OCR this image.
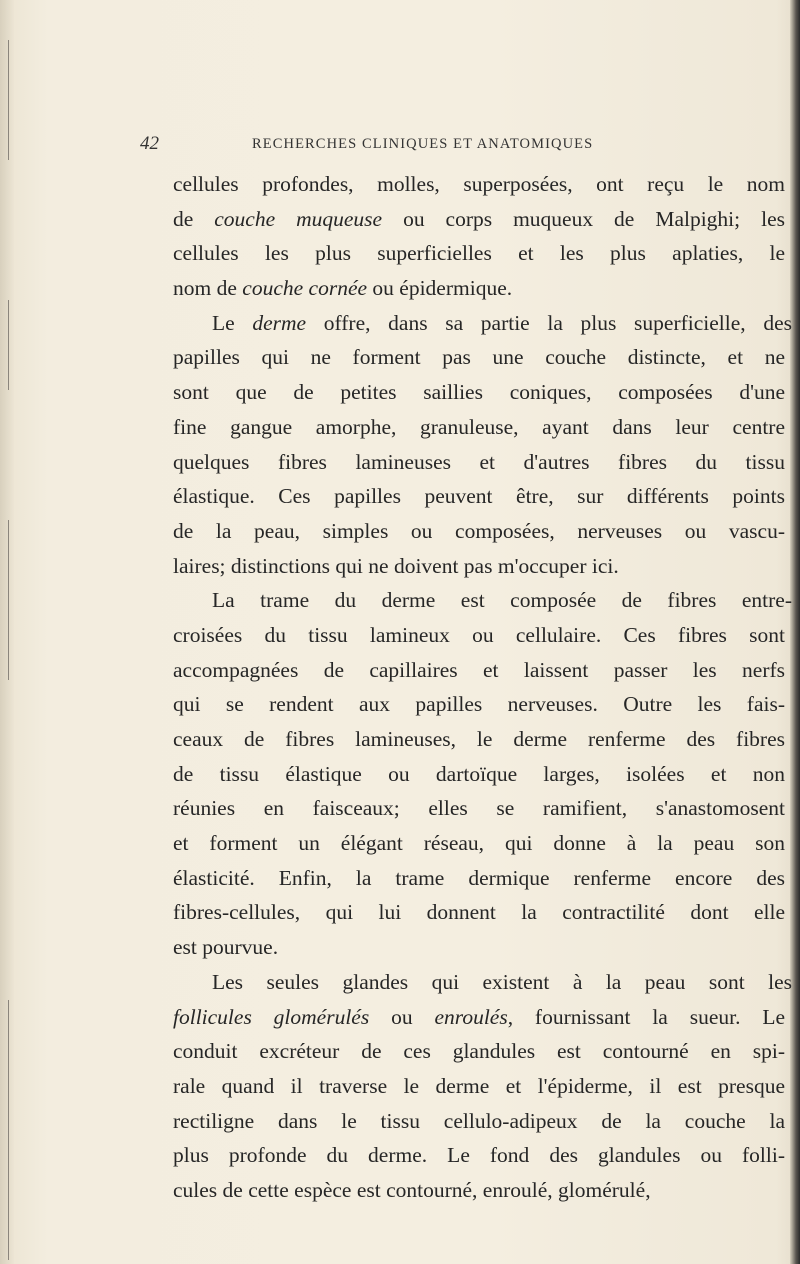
42	RECHERCHES CLINIQUES ET ANATOMIQUES
cellules profondes, molles, superposées, ont reçu le nom
de couche muqueuse ou corps muqueux de Malpighi; les
cellules les plus superficielles et les plus aplaties, le
nom de couche cornée ou épidermique.
Le derme offre, dans sa partie la plus superficielle, des
papilles qui ne forment pas une couche distincte, et ne
sont que de petites saillies coniques, composées d'une
fine gangue amorphe, granuleuse, ayant dans leur centre
quelques fibres lamineuses et d'autres fibres du tissu
élastique. Ces papilles peuvent être, sur différents points
de la peau, simples ou composées, nerveuses ou vascu-
laires; distinctions qui ne doivent pas m'occuper ici.
La trame du derme est composée de fibres entre-
croisées du tissu lamineux ou cellulaire. Ces fibres sont
accompagnées de capillaires et laissent passer les nerfs
qui se rendent aux papilles nerveuses. Outre les fais-
ceaux de fibres lamineuses, le derme renferme des fibres
de tissu élastique ou dartoïque larges, isolées et non
réunies en faisceaux; elles se ramifient, s'anastomosent
et forment un élégant réseau, qui donne à la peau son
élasticité. Enfin, la trame dermique renferme encore des
fibres-cellules, qui lui donnent la contractilité dont elle
est pourvue.
Les seules glandes qui existent à la peau sont les
follicules glomérulés ou enroulés, fournissant la sueur. Le
conduit excréteur de ces glandules est contourné en spi-
rale quand il traverse le derme et l'épiderme, il est presque
rectiligne dans le tissu cellulo-adipeux de la couche la
plus profonde du derme. Le fond des glandules ou folli-
cules de cette espèce est contourné, enroulé, glomérulé,
